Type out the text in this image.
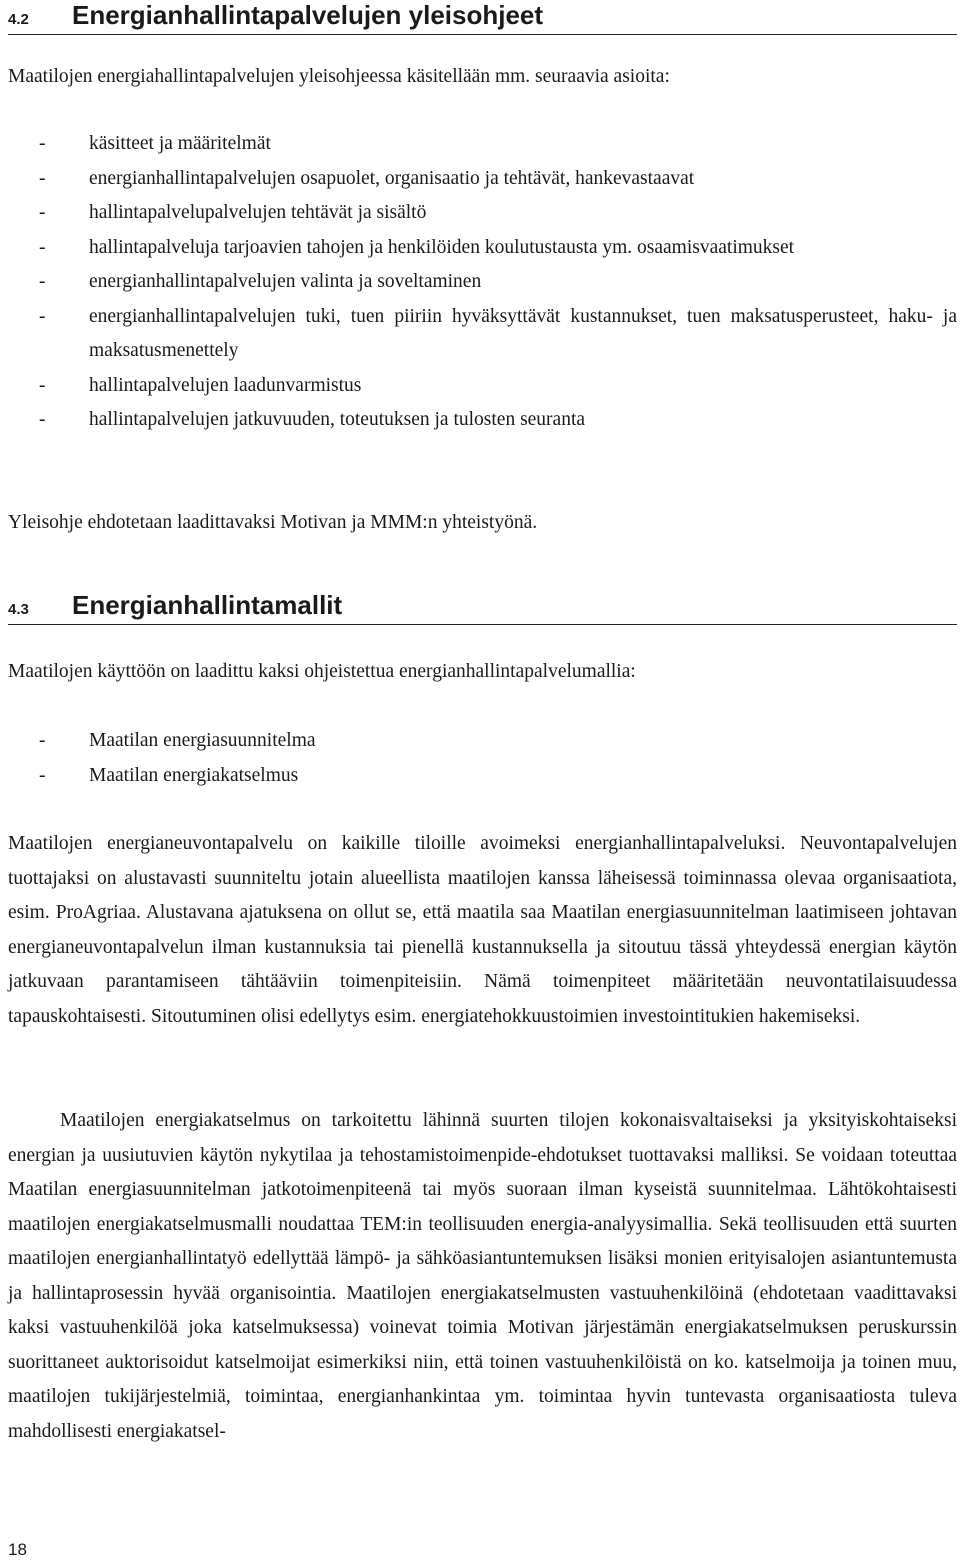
4.2	Energianhallintapalvelujen yleisohjeet

Maatilojen energiahallintapalvelujen yleisohjeessa käsitellään mm. seuraavia asioita:

- käsitteet ja määritelmät
- energianhallintapalvelujen osapuolet, organisaatio ja tehtävät, hankevastaavat
- hallintapalvelupalvelujen tehtävät ja sisältö
- hallintapalveluja tarjoavien tahojen ja henkilöiden koulutustausta ym. osaamisvaatimukset
- energianhallintapalvelujen valinta ja soveltaminen
- energianhallintapalvelujen tuki, tuen piiriin hyväksyttävät kustannukset, tuen maksatusperusteet, haku- ja maksatusmenettely
- hallintapalvelujen laadunvarmistus
- hallintapalvelujen jatkuvuuden, toteutuksen ja tulosten seuranta

Yleisohje ehdotetaan laadittavaksi Motivan ja MMM:n yhteistyönä.

4.3	Energianhallintamallit

Maatilojen käyttöön on laadittu kaksi ohjeistettua energianhallintapalvelumallia:

- Maatilan energiasuunnitelma
- Maatilan energiakatselmus

Maatilojen energianeuvontapalvelu on kaikille tiloille avoimeksi energianhallintapalveluksi. Neuvontapalvelujen tuottajaksi on alustavasti suunniteltu jotain alueellista maatilojen kanssa läheisessä toiminnassa olevaa organisaatiota, esim. ProAgriaa. Alustavana ajatuksena on ollut se, että maatila saa Maatilan energiasuunnitelman laatimiseen johtavan energianeuvontapalvelun ilman kustannuksia tai pienellä kustannuksella ja sitoutuu tässä yhteydessä energian käytön jatkuvaan parantamiseen tähtääviin toimenpiteisiin. Nämä toimenpiteet määritetään neuvontatilaisuudessa tapauskohtaisesti. Sitoutuminen olisi edellytys esim. energiatehokkuustoimien investointitukien hakemiseksi.

Maatilojen energiakatselmus on tarkoitettu lähinnä suurten tilojen kokonaisvaltaiseksi ja yksityiskohtaiseksi energian ja uusiutuvien käytön nykytilaa ja tehostamistoimenpide-ehdotukset tuottavaksi malliksi. Se voidaan toteuttaa Maatilan energiasuunnitelman jatkotoimenpiteenä tai myös suoraan ilman kyseistä suunnitelmaa. Lähtökohtaisesti maatilojen energiakatselmusmalli noudattaa TEM:in teollisuuden energia-analyysimallia. Sekä teollisuuden että suurten maatilojen energianhallintatyö edellyttää lämpö- ja sähköasiantuntemuksen lisäksi monien erityisalojen asiantuntemusta ja hallintaprosessin hyvää organisointia. Maatilojen energiakatselmusten vastuuhenkilöinä (ehdotetaan vaadittavaksi kaksi vastuuhenkilöä joka katselmuksessa) voinevat toimia Motivan järjestämän energiakatselmuksen peruskurssin suorittaneet auktorisoidut katselmoijat esimerkiksi niin, että toinen vastuuhenkilöistä on ko. katselmoija ja toinen muu, maatilojen tukijärjestelmiä, toimintaa, energianhankintaa ym. toimintaa hyvin tuntevasta organisaatiosta tuleva mahdollisesti energiakatsel-

18
